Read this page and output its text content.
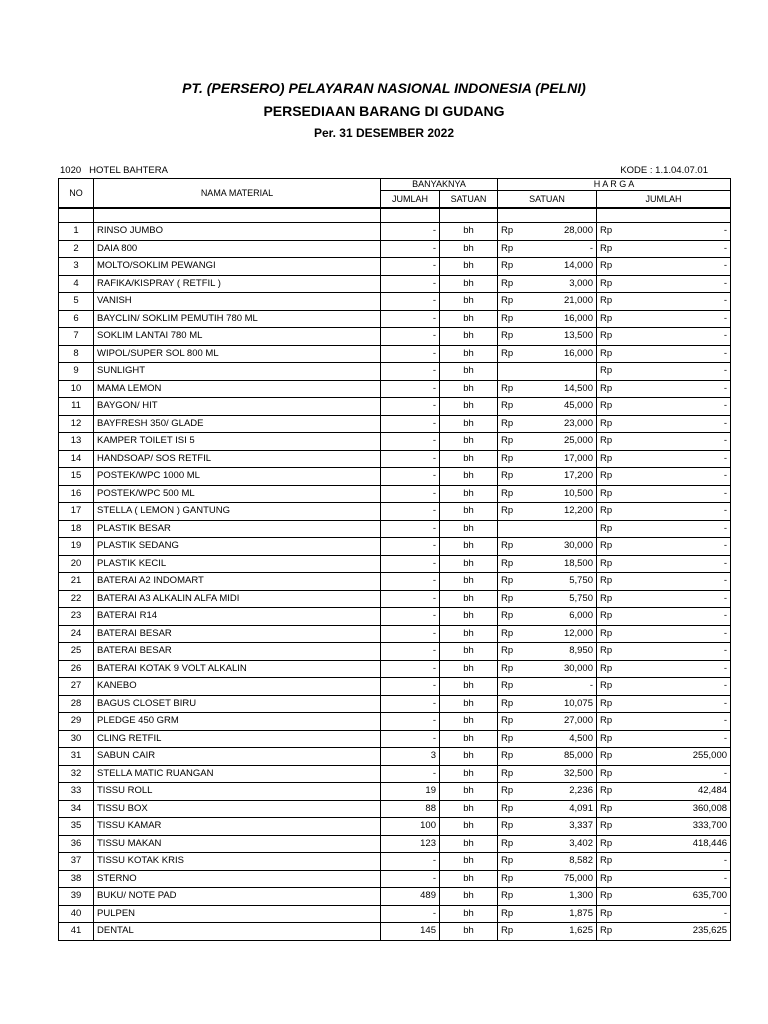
PT. (PERSERO) PELAYARAN NASIONAL INDONESIA (PELNI)
PERSEDIAAN BARANG DI GUDANG
Per. 31 DESEMBER 2022
1020 HOTEL BAHTERA	KODE : 1.1.04.07.01
NO	NAMA MATERIAL	BANYAKNYA		H A R G A			
		JUMLAH	SATUAN	SATUAN		JUMLAH	

1	RINSO JUMBO	-	bh	Rp	28,000	Rp	-
2	DAIA 800	-	bh	Rp	-	Rp	-
3	MOLTO/SOKLIM PEWANGI	-	bh	Rp	14,000	Rp	-
4	RAFIKA/KISPRAY ( RETFIL )	-	bh	Rp	3,000	Rp	-
5	VANISH	-	bh	Rp	21,000	Rp	-
6	BAYCLIN/ SOKLIM PEMUTIH 780 ML	-	bh	Rp	16,000	Rp	-
7	SOKLIM LANTAI 780 ML	-	bh	Rp	13,500	Rp	-
8	WIPOL/SUPER SOL 800 ML	-	bh	Rp	16,000	Rp	-
9	SUNLIGHT	-	bh			Rp	-
10	MAMA LEMON	-	bh	Rp	14,500	Rp	-
11	BAYGON/ HIT	-	bh	Rp	45,000	Rp	-
12	BAYFRESH 350/ GLADE	-	bh	Rp	23,000	Rp	-
13	KAMPER TOILET ISI 5	-	bh	Rp	25,000	Rp	-
14	HANDSOAP/ SOS RETFIL	-	bh	Rp	17,000	Rp	-
15	POSTEK/WPC 1000 ML	-	bh	Rp	17,200	Rp	-
16	POSTEK/WPC 500 ML	-	bh	Rp	10,500	Rp	-
17	STELLA ( LEMON ) GANTUNG	-	bh	Rp	12,200	Rp	-
18	PLASTIK BESAR	-	bh			Rp	-
19	PLASTIK SEDANG	-	bh	Rp	30,000	Rp	-
20	PLASTIK KECIL	-	bh	Rp	18,500	Rp	-
21	BATERAI A2 INDOMART	-	bh	Rp	5,750	Rp	-
22	BATERAI A3 ALKALIN ALFA MIDI	-	bh	Rp	5,750	Rp	-
23	BATERAI R14	-	bh	Rp	6,000	Rp	-
24	BATERAI BESAR	-	bh	Rp	12,000	Rp	-
25	BATERAI BESAR	-	bh	Rp	8,950	Rp	-
26	BATERAI KOTAK 9 VOLT ALKALIN	-	bh	Rp	30,000	Rp	-
27	KANEBO	-	bh	Rp	-	Rp	-
28	BAGUS CLOSET BIRU	-	bh	Rp	10,075	Rp	-
29	PLEDGE 450 GRM	-	bh	Rp	27,000	Rp	-
30	CLING RETFIL	-	bh	Rp	4,500	Rp	-
31	SABUN CAIR	3	bh	Rp	85,000	Rp	255,000
32	STELLA MATIC RUANGAN	-	bh	Rp	32,500	Rp	-
33	TISSU ROLL	19	bh	Rp	2,236	Rp	42,484
34	TISSU BOX	88	bh	Rp	4,091	Rp	360,008
35	TISSU KAMAR	100	bh	Rp	3,337	Rp	333,700
36	TISSU MAKAN	123	bh	Rp	3,402	Rp	418,446
37	TISSU KOTAK KRIS	-	bh	Rp	8,582	Rp	-
38	STERNO	-	bh	Rp	75,000	Rp	-
39	BUKU/ NOTE PAD	489	bh	Rp	1,300	Rp	635,700
40	PULPEN	-	bh	Rp	1,875	Rp	-
41	DENTAL	145	bh	Rp	1,625	Rp	235,625
